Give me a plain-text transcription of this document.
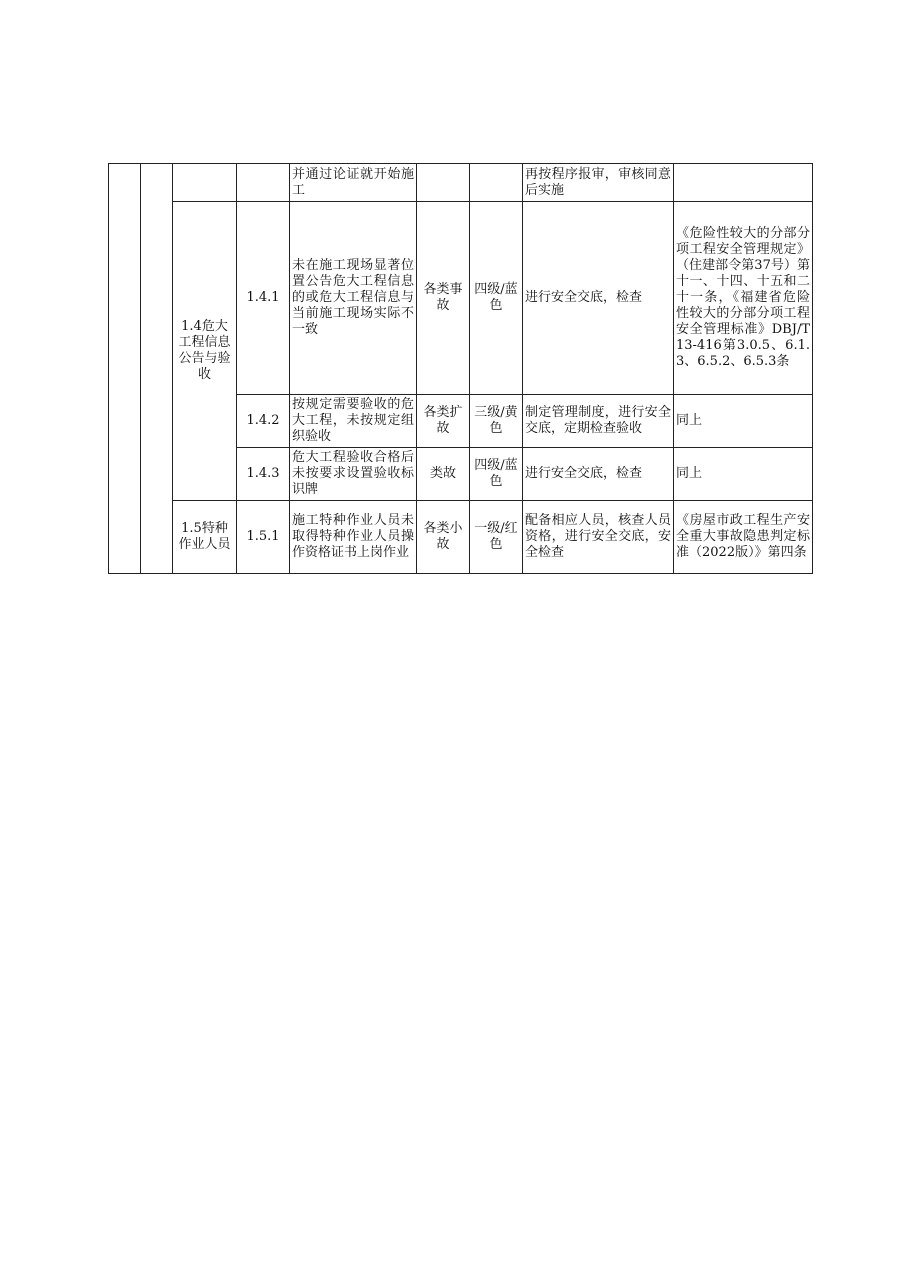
				并通过论证就开始施工			再按程序报审，审核同意后实施	
		1.4危大工程信息公告与验收	1.4.1	未在施工现场显著位置公告危大工程信息的或危大工程信息与当前施工现场实际不一致	各类事故	四级/蓝色	进行安全交底，检查	《危险性较大的分部分项工程安全管理规定》（住建部令第37号）第十一、十四、十五和二十一条，《福建省危险性较大的分部分项工程安全管理标准》DBJ/T13-416第3.0.5、6.1.3、6.5.2、6.5.3条
			1.4.2	按规定需要验收的危大工程，未按规定组织验收	各类扩故	三级/黄色	制定管理制度，进行安全交底，定期检查验收	同上
			1.4.3	危大工程验收合格后未按要求设置验收标识牌	类故	四级/蓝色	进行安全交底，检查	同上
		1.5特种作业人员	1.5.1	施工特种作业人员未取得特种作业人员操作资格证书上岗作业	各类小故	一级/红色	配备相应人员，核查人员资格，进行安全交底，安全检查	《房屋市政工程生产安全重大事故隐患判定标准（2022版）》第四条
